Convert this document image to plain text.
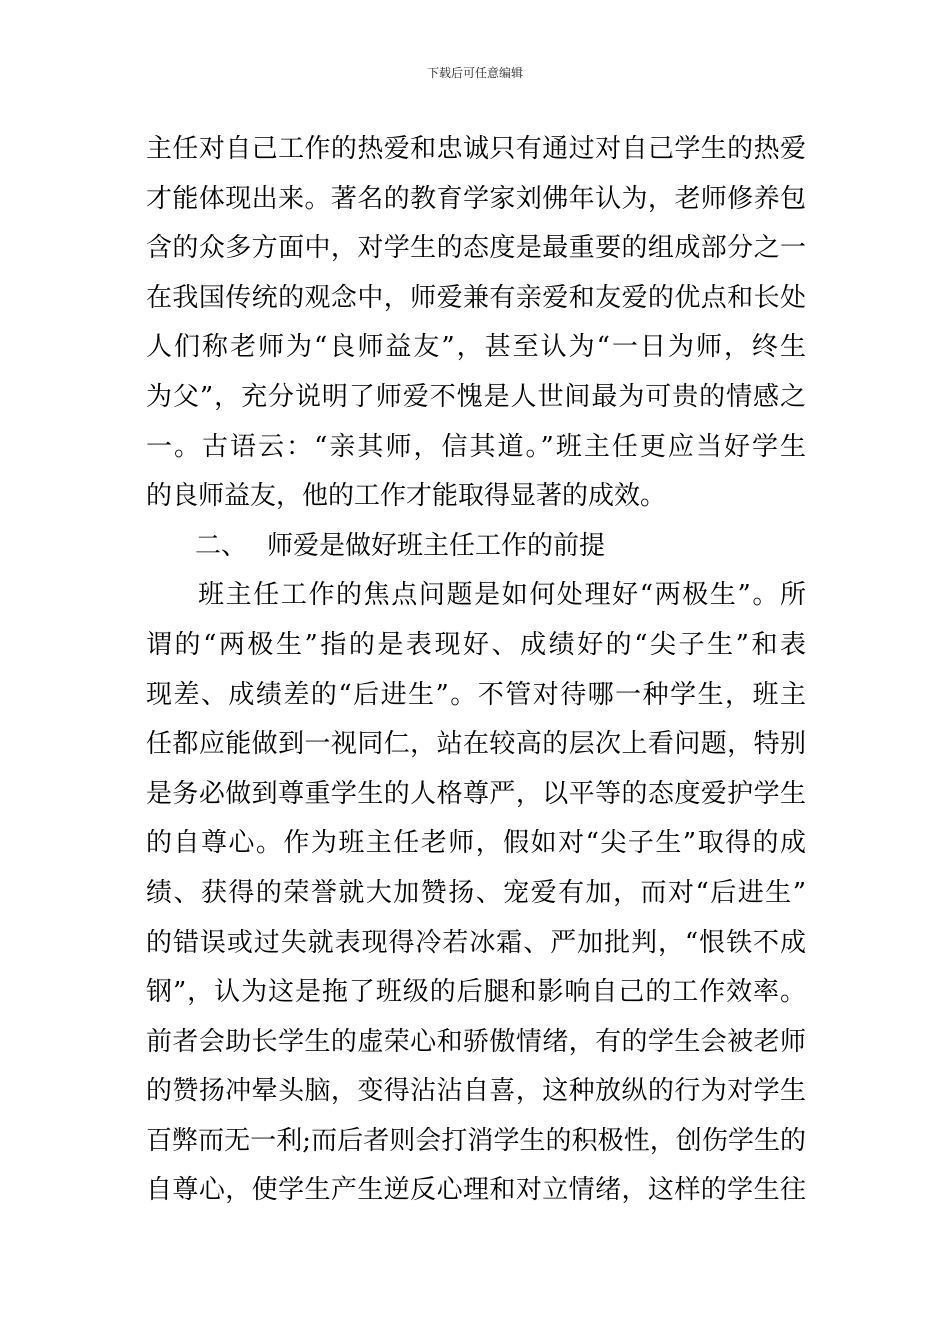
下载后可任意编辑
主任对自己工作的热爱和忠诚只有通过对自己学生的热爱
才能体现出来。著名的教育学家刘佛年认为，老师修养包
含的众多方面中，对学生的态度是最重要的组成部分之一
在我国传统的观念中，师爱兼有亲爱和友爱的优点和长处
人们称老师为“良师益友”，甚至认为“一日为师，终生
为父”，充分说明了师爱不愧是人世间最为可贵的情感之
一。古语云：“亲其师，信其道。”班主任更应当好学生
的良师益友，他的工作才能取得显著的成效。
二、 师爱是做好班主任工作的前提
班主任工作的焦点问题是如何处理好“两极生”。所
谓的“两极生”指的是表现好、成绩好的“尖子生”和表
现差、成绩差的“后进生”。不管对待哪一种学生，班主
任都应能做到一视同仁，站在较高的层次上看问题，特别
是务必做到尊重学生的人格尊严，以平等的态度爱护学生
的自尊心。作为班主任老师，假如对“尖子生”取得的成
绩、获得的荣誉就大加赞扬、宠爱有加，而对“后进生”
的错误或过失就表现得冷若冰霜、严加批判，“恨铁不成
钢”，认为这是拖了班级的后腿和影响自己的工作效率。
前者会助长学生的虚荣心和骄傲情绪，有的学生会被老师
的赞扬冲晕头脑，变得沾沾自喜，这种放纵的行为对学生
百弊而无一利;而后者则会打消学生的积极性，创伤学生的
自尊心，使学生产生逆反心理和对立情绪，这样的学生往
